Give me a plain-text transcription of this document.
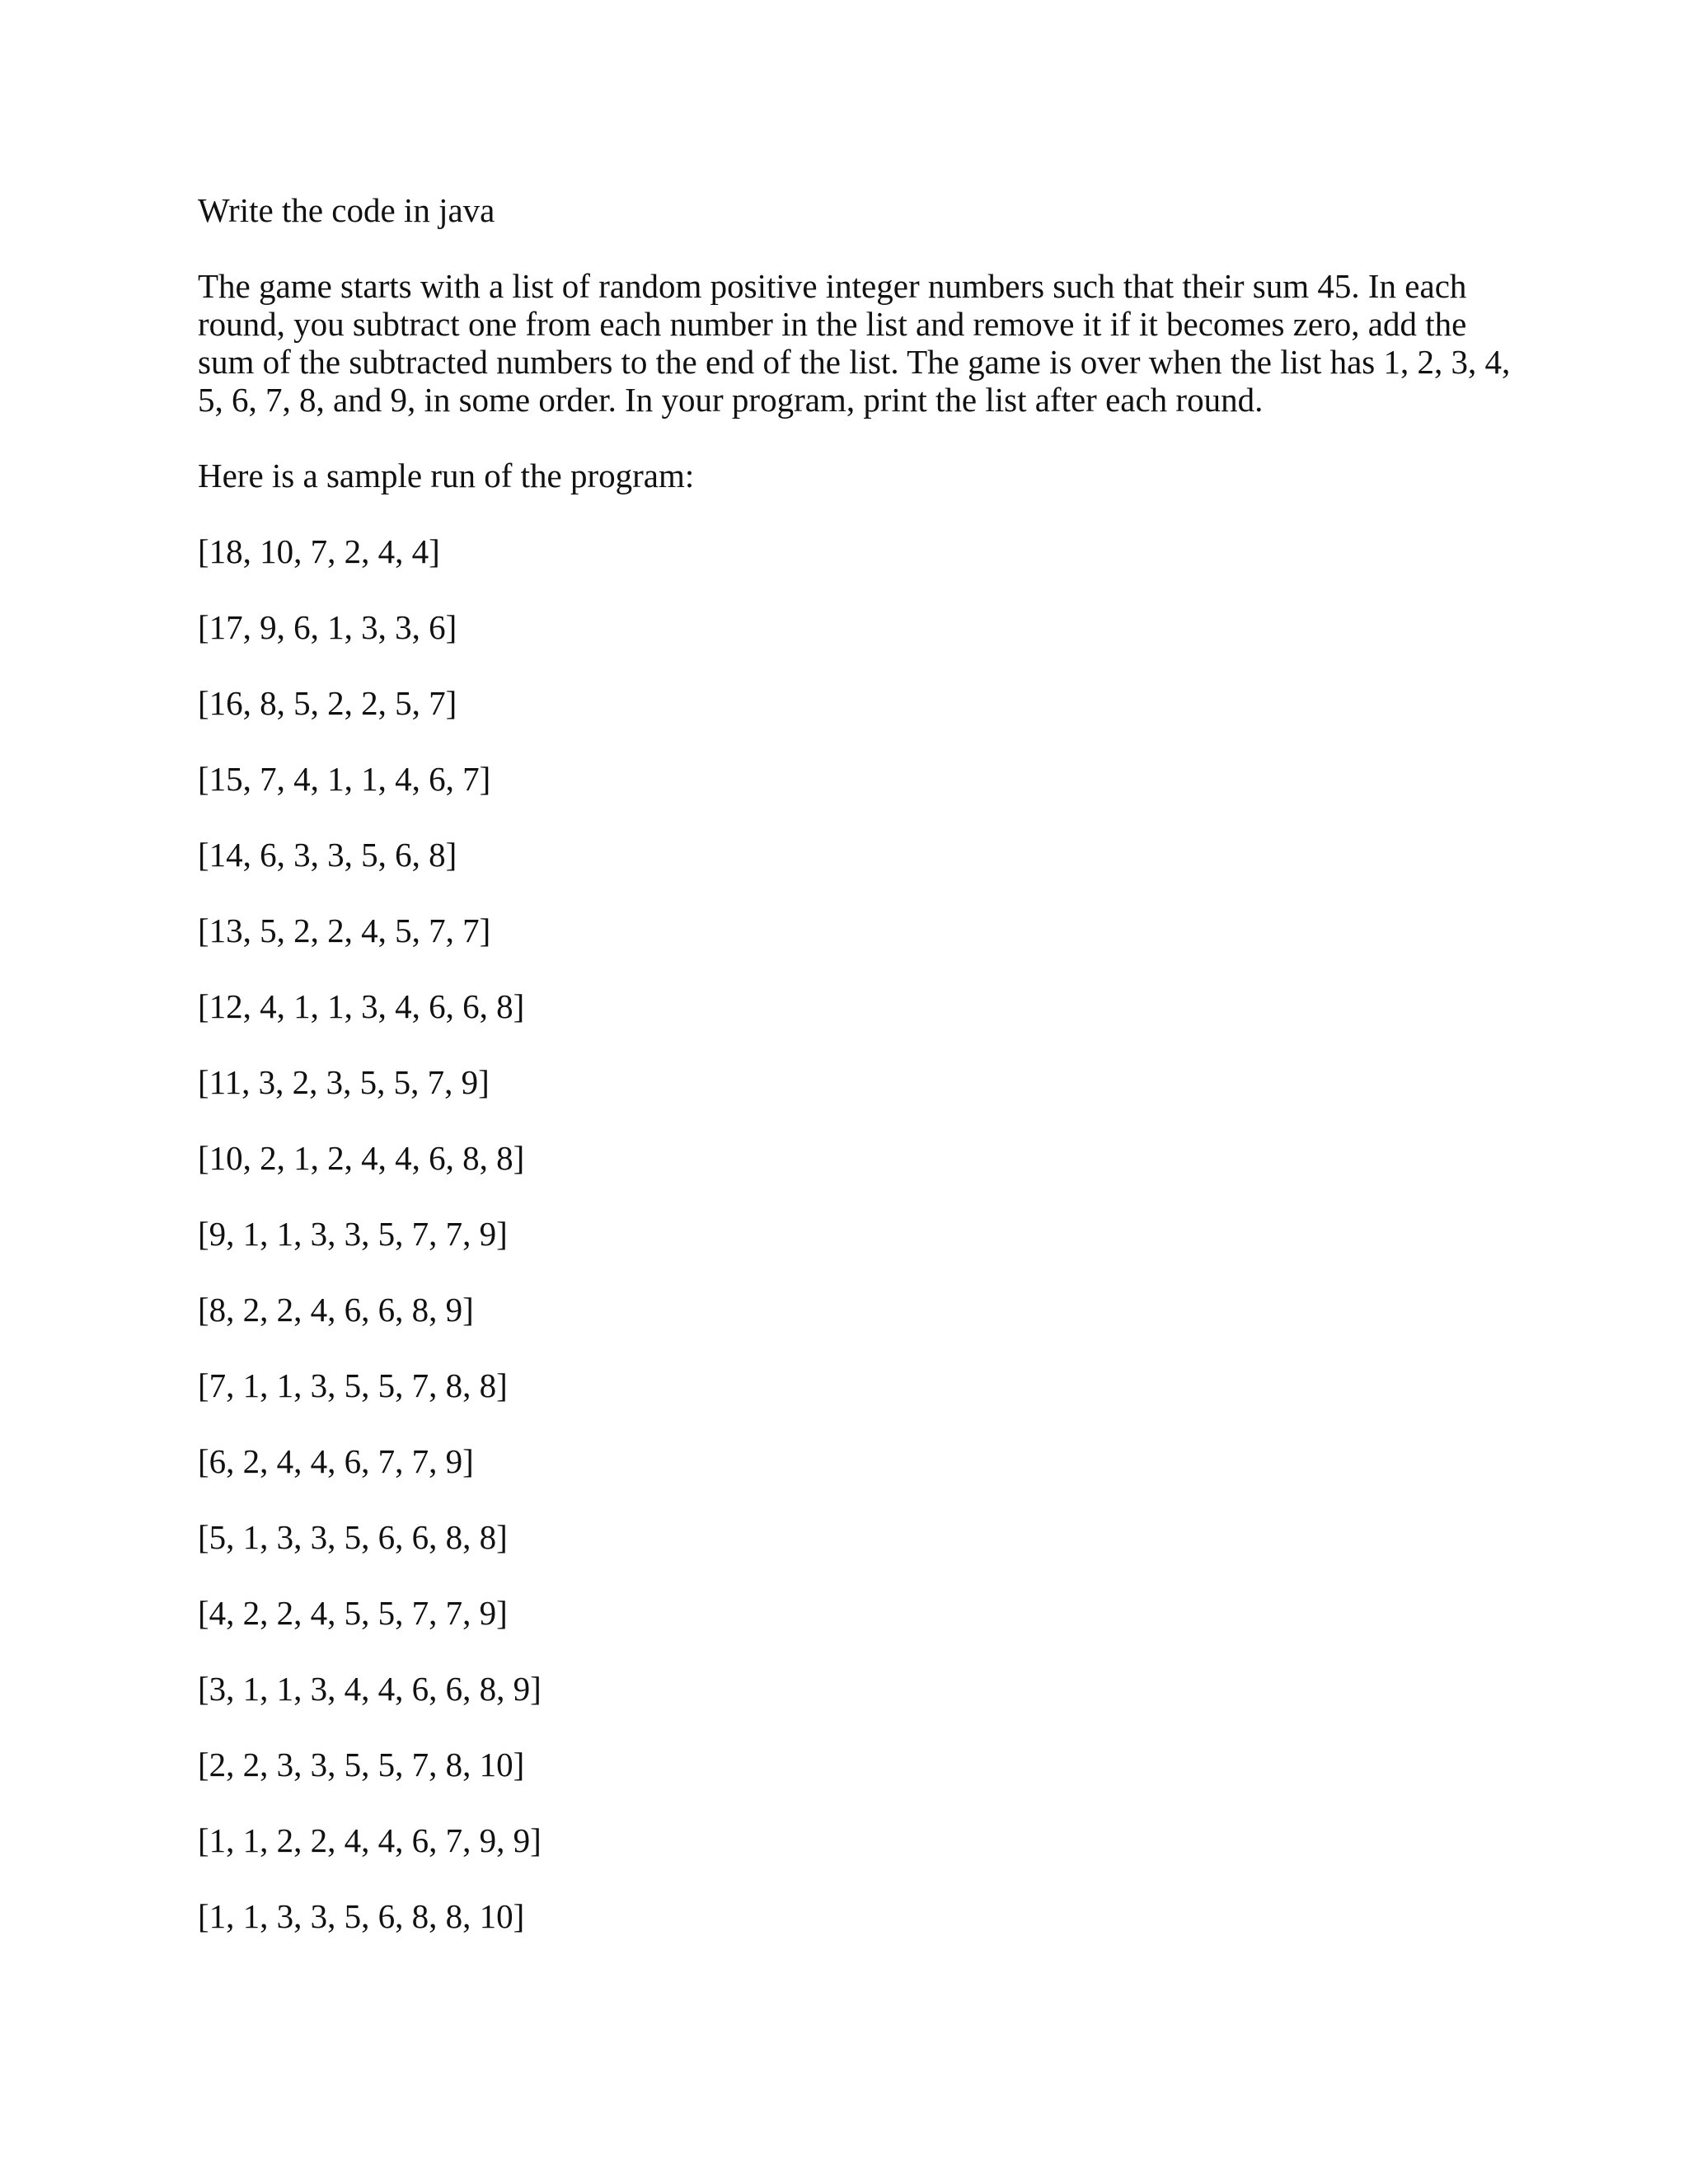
Write the code in java

The game starts with a list of random positive integer numbers such that their sum 45. In each
round, you subtract one from each number in the list and remove it if it becomes zero, add the
sum of the subtracted numbers to the end of the list. The game is over when the list has 1, 2, 3, 4,
5, 6, 7, 8, and 9, in some order. In your program, print the list after each round.

Here is a sample run of the program:

[18, 10, 7, 2, 4, 4]
[17, 9, 6, 1, 3, 3, 6]
[16, 8, 5, 2, 2, 5, 7]
[15, 7, 4, 1, 1, 4, 6, 7]
[14, 6, 3, 3, 5, 6, 8]
[13, 5, 2, 2, 4, 5, 7, 7]
[12, 4, 1, 1, 3, 4, 6, 6, 8]
[11, 3, 2, 3, 5, 5, 7, 9]
[10, 2, 1, 2, 4, 4, 6, 8, 8]
[9, 1, 1, 3, 3, 5, 7, 7, 9]
[8, 2, 2, 4, 6, 6, 8, 9]
[7, 1, 1, 3, 5, 5, 7, 8, 8]
[6, 2, 4, 4, 6, 7, 7, 9]
[5, 1, 3, 3, 5, 6, 6, 8, 8]
[4, 2, 2, 4, 5, 5, 7, 7, 9]
[3, 1, 1, 3, 4, 4, 6, 6, 8, 9]
[2, 2, 3, 3, 5, 5, 7, 8, 10]
[1, 1, 2, 2, 4, 4, 6, 7, 9, 9]
[1, 1, 3, 3, 5, 6, 8, 8, 10]
